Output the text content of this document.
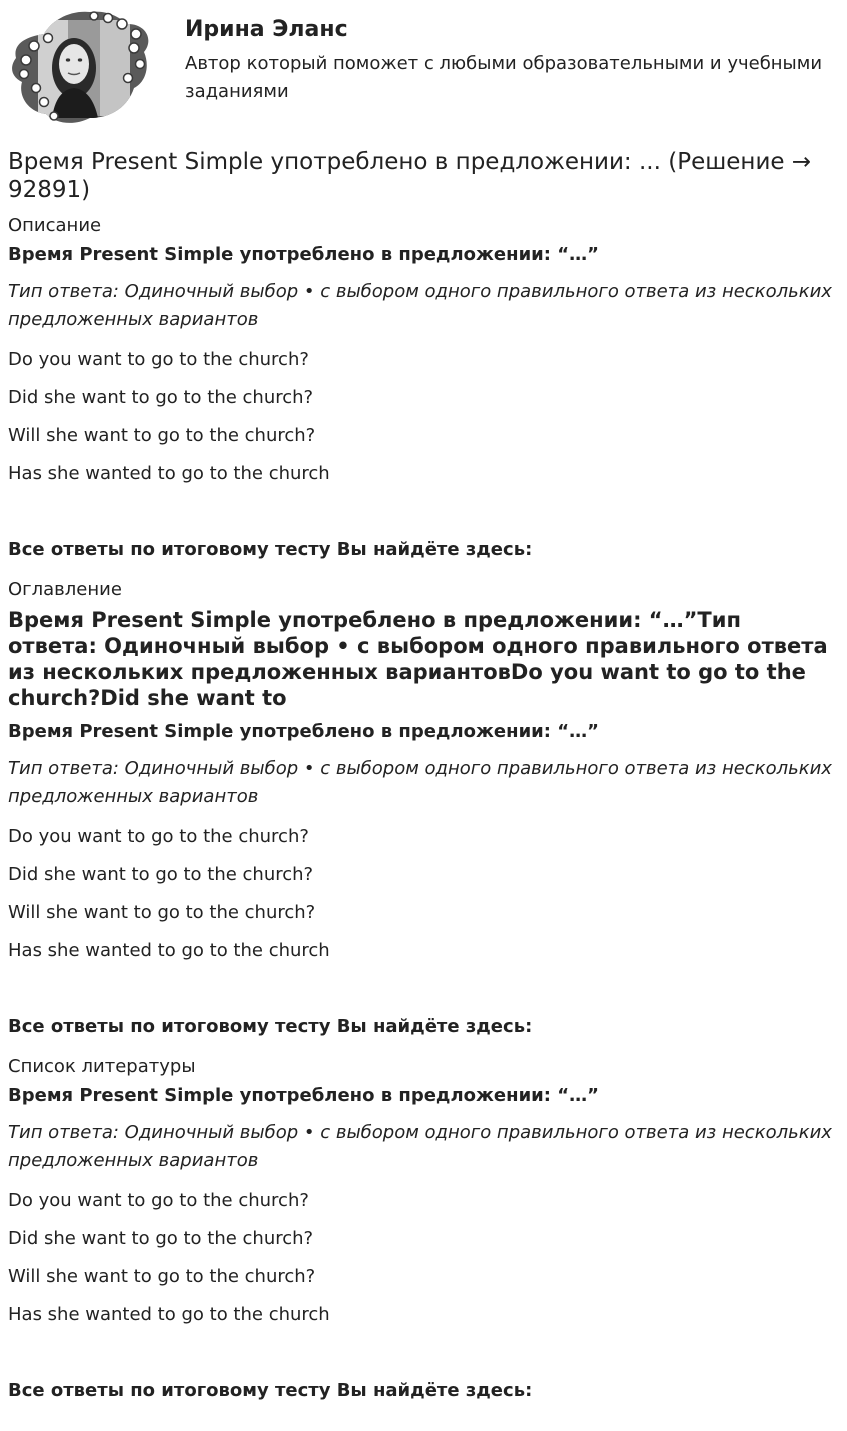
Ирина Эланс
Автор который поможет с любыми образовательными и учебными заданиями
Время Present Simple употреблено в предложении: ... (Решение → 92891)
Описание
Время Present Simple употреблено в предложении: “…”
Тип ответа: Одиночный выбор • с выбором одного правильного ответа из нескольких предложенных вариантов
Do you want to go to the church?
Did she want to go to the church?
Will she want to go to the church?
Has she wanted to go to the church
Все ответы по итоговому тесту Вы найдёте здесь:
Оглавление
Время Present Simple употреблено в предложении: “…”Тип ответа: Одиночный выбор • с выбором одного правильного ответа из нескольких предложенных вариантовDo you want to go to the church?Did she want to
Время Present Simple употреблено в предложении: “…”
Тип ответа: Одиночный выбор • с выбором одного правильного ответа из нескольких предложенных вариантов
Do you want to go to the church?
Did she want to go to the church?
Will she want to go to the church?
Has she wanted to go to the church
Все ответы по итоговому тесту Вы найдёте здесь:
Список литературы
Время Present Simple употреблено в предложении: “…”
Тип ответа: Одиночный выбор • с выбором одного правильного ответа из нескольких предложенных вариантов
Do you want to go to the church?
Did she want to go to the church?
Will she want to go to the church?
Has she wanted to go to the church
Все ответы по итоговому тесту Вы найдёте здесь:
